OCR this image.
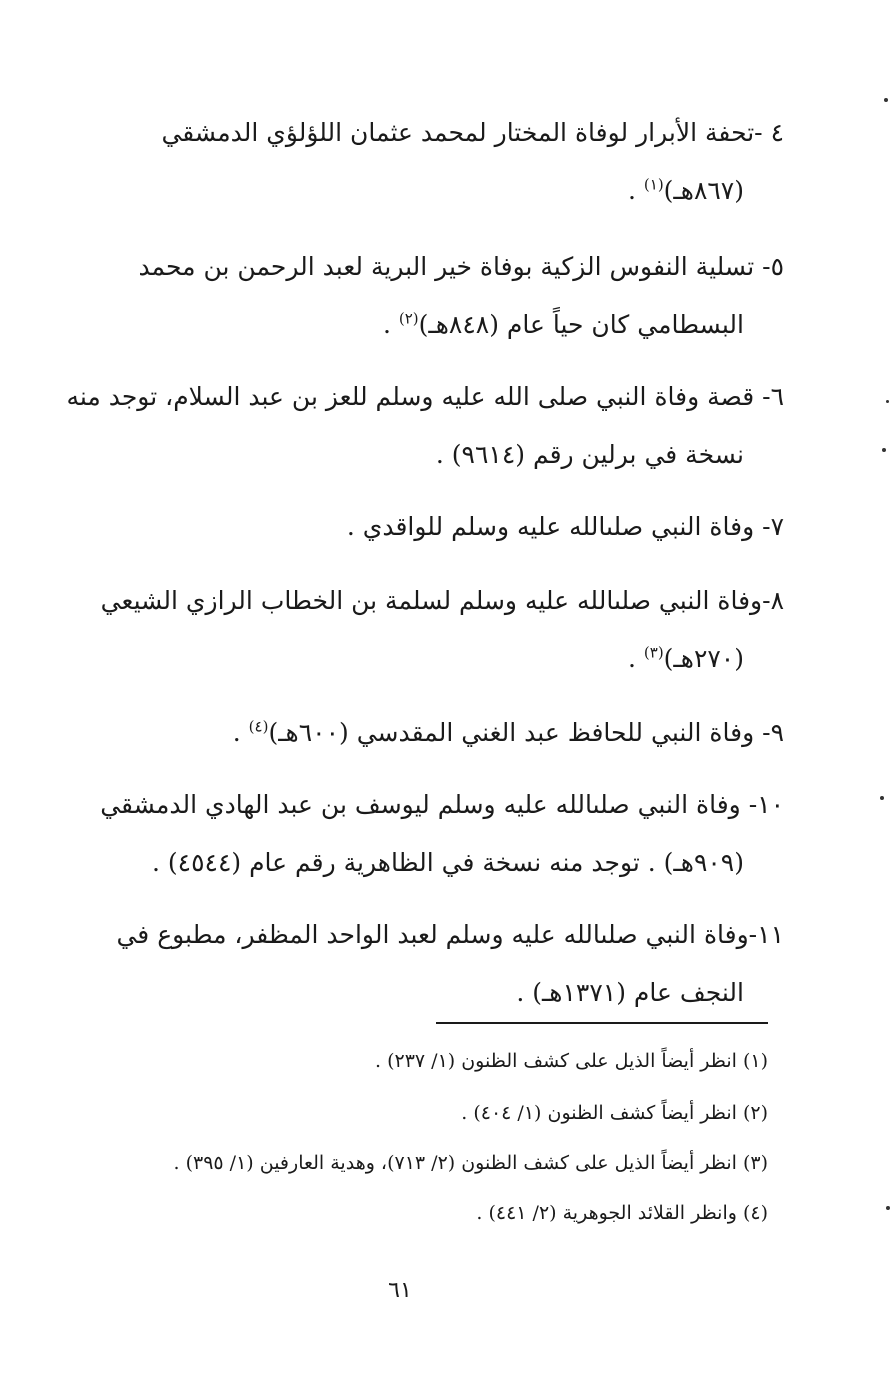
٤ -تحفة الأبرار لوفاة المختار لمحمد عثمان اللؤلؤي الدمشقي
(٨٦٧هـ)$^{(١)}$ .
٥- تسلية النفوس الزكية بوفاة خير البرية لعبد الرحمن بن محمد
البسطامي كان حياً عام (٨٤٨هـ)$^{(٢)}$ .
٦- قصة وفاة النبي صلى الله عليه وسلم للعز بن عبد السلام، توجد منه
نسخة في برلين رقم (٩٦١٤) .
٧- وفاة النبي صلىالله عليه وسلم للواقدي .
٨-وفاة النبي صلىالله عليه وسلم لسلمة بن الخطاب الرازي الشيعي
(٢٧٠هـ)$^{(٣)}$ .
٩- وفاة النبي للحافظ عبد الغني المقدسي (٦٠٠هـ)$^{(٤)}$ .
١٠- وفاة النبي صلىالله عليه وسلم ليوسف بن عبد الهادي الدمشقي
(٩٠٩هـ) . توجد منه نسخة في الظاهرية رقم عام (٤٥٤٤) .
١١-وفاة النبي صلىالله عليه وسلم لعبد الواحد المظفر، مطبوع في
النجف عام (١٣٧١هـ) .
(١) انظر أيضاً الذيل على كشف الظنون (١/ ٢٣٧) .
(٢) انظر أيضاً كشف الظنون (١/ ٤٠٤) .
(٣) انظر أيضاً الذيل على كشف الظنون (٢/ ٧١٣)، وهدية العارفين (١/ ٣٩٥) .
(٤) وانظر القلائد الجوهرية (٢/ ٤٤١) .
٦١
